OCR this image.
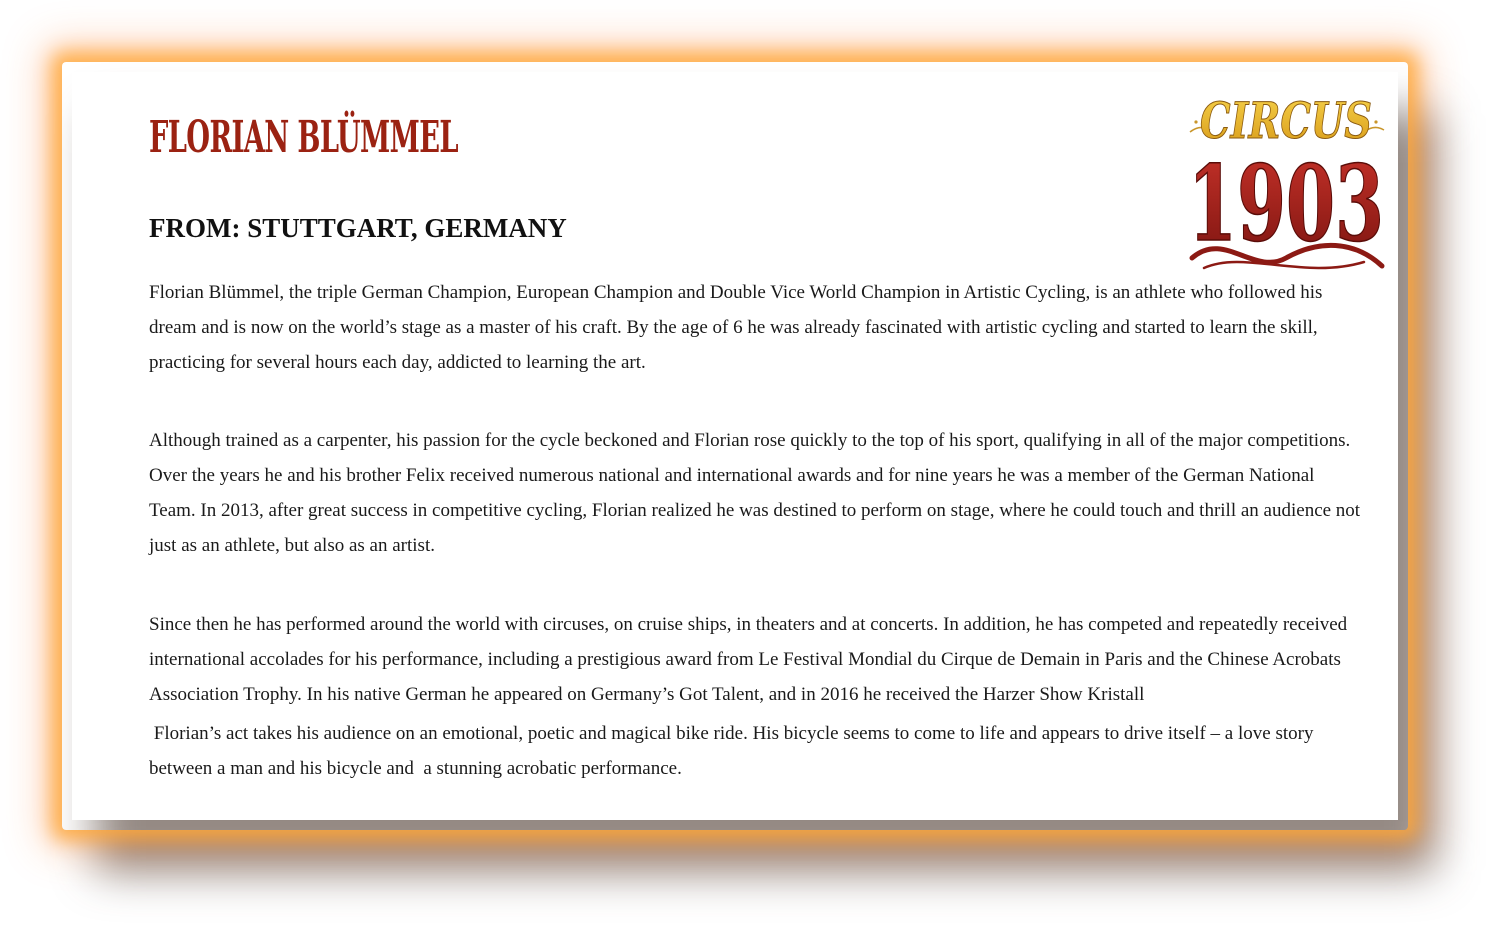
FLORIAN BLÜMMEL
FROM: STUTTGART, GERMANY
CIRCUS
1903

Florian Blümmel, the triple German Champion, European Champion and Double Vice World Champion in Artistic Cycling, is an athlete who followed his dream and is now on the world’s stage as a master of his craft. By the age of 6 he was already fascinated with artistic cycling and started to learn the skill, practicing for several hours each day, addicted to learning the art.

Although trained as a carpenter, his passion for the cycle beckoned and Florian rose quickly to the top of his sport, qualifying in all of the major competitions. Over the years he and his brother Felix received numerous national and international awards and for nine years he was a member of the German National Team. In 2013, after great success in competitive cycling, Florian realized he was destined to perform on stage, where he could touch and thrill an audience not just as an athlete, but also as an artist.

Since then he has performed around the world with circuses, on cruise ships, in theaters and at concerts. In addition, he has competed and repeatedly received international accolades for his performance, including a prestigious award from Le Festival Mondial du Cirque de Demain in Paris and the Chinese Acrobats Association Trophy. In his native German he appeared on Germany’s Got Talent, and in 2016 he received the Harzer Show Kristall

Florian’s act takes his audience on an emotional, poetic and magical bike ride. His bicycle seems to come to life and appears to drive itself – a love story between a man and his bicycle and  a stunning acrobatic performance.
